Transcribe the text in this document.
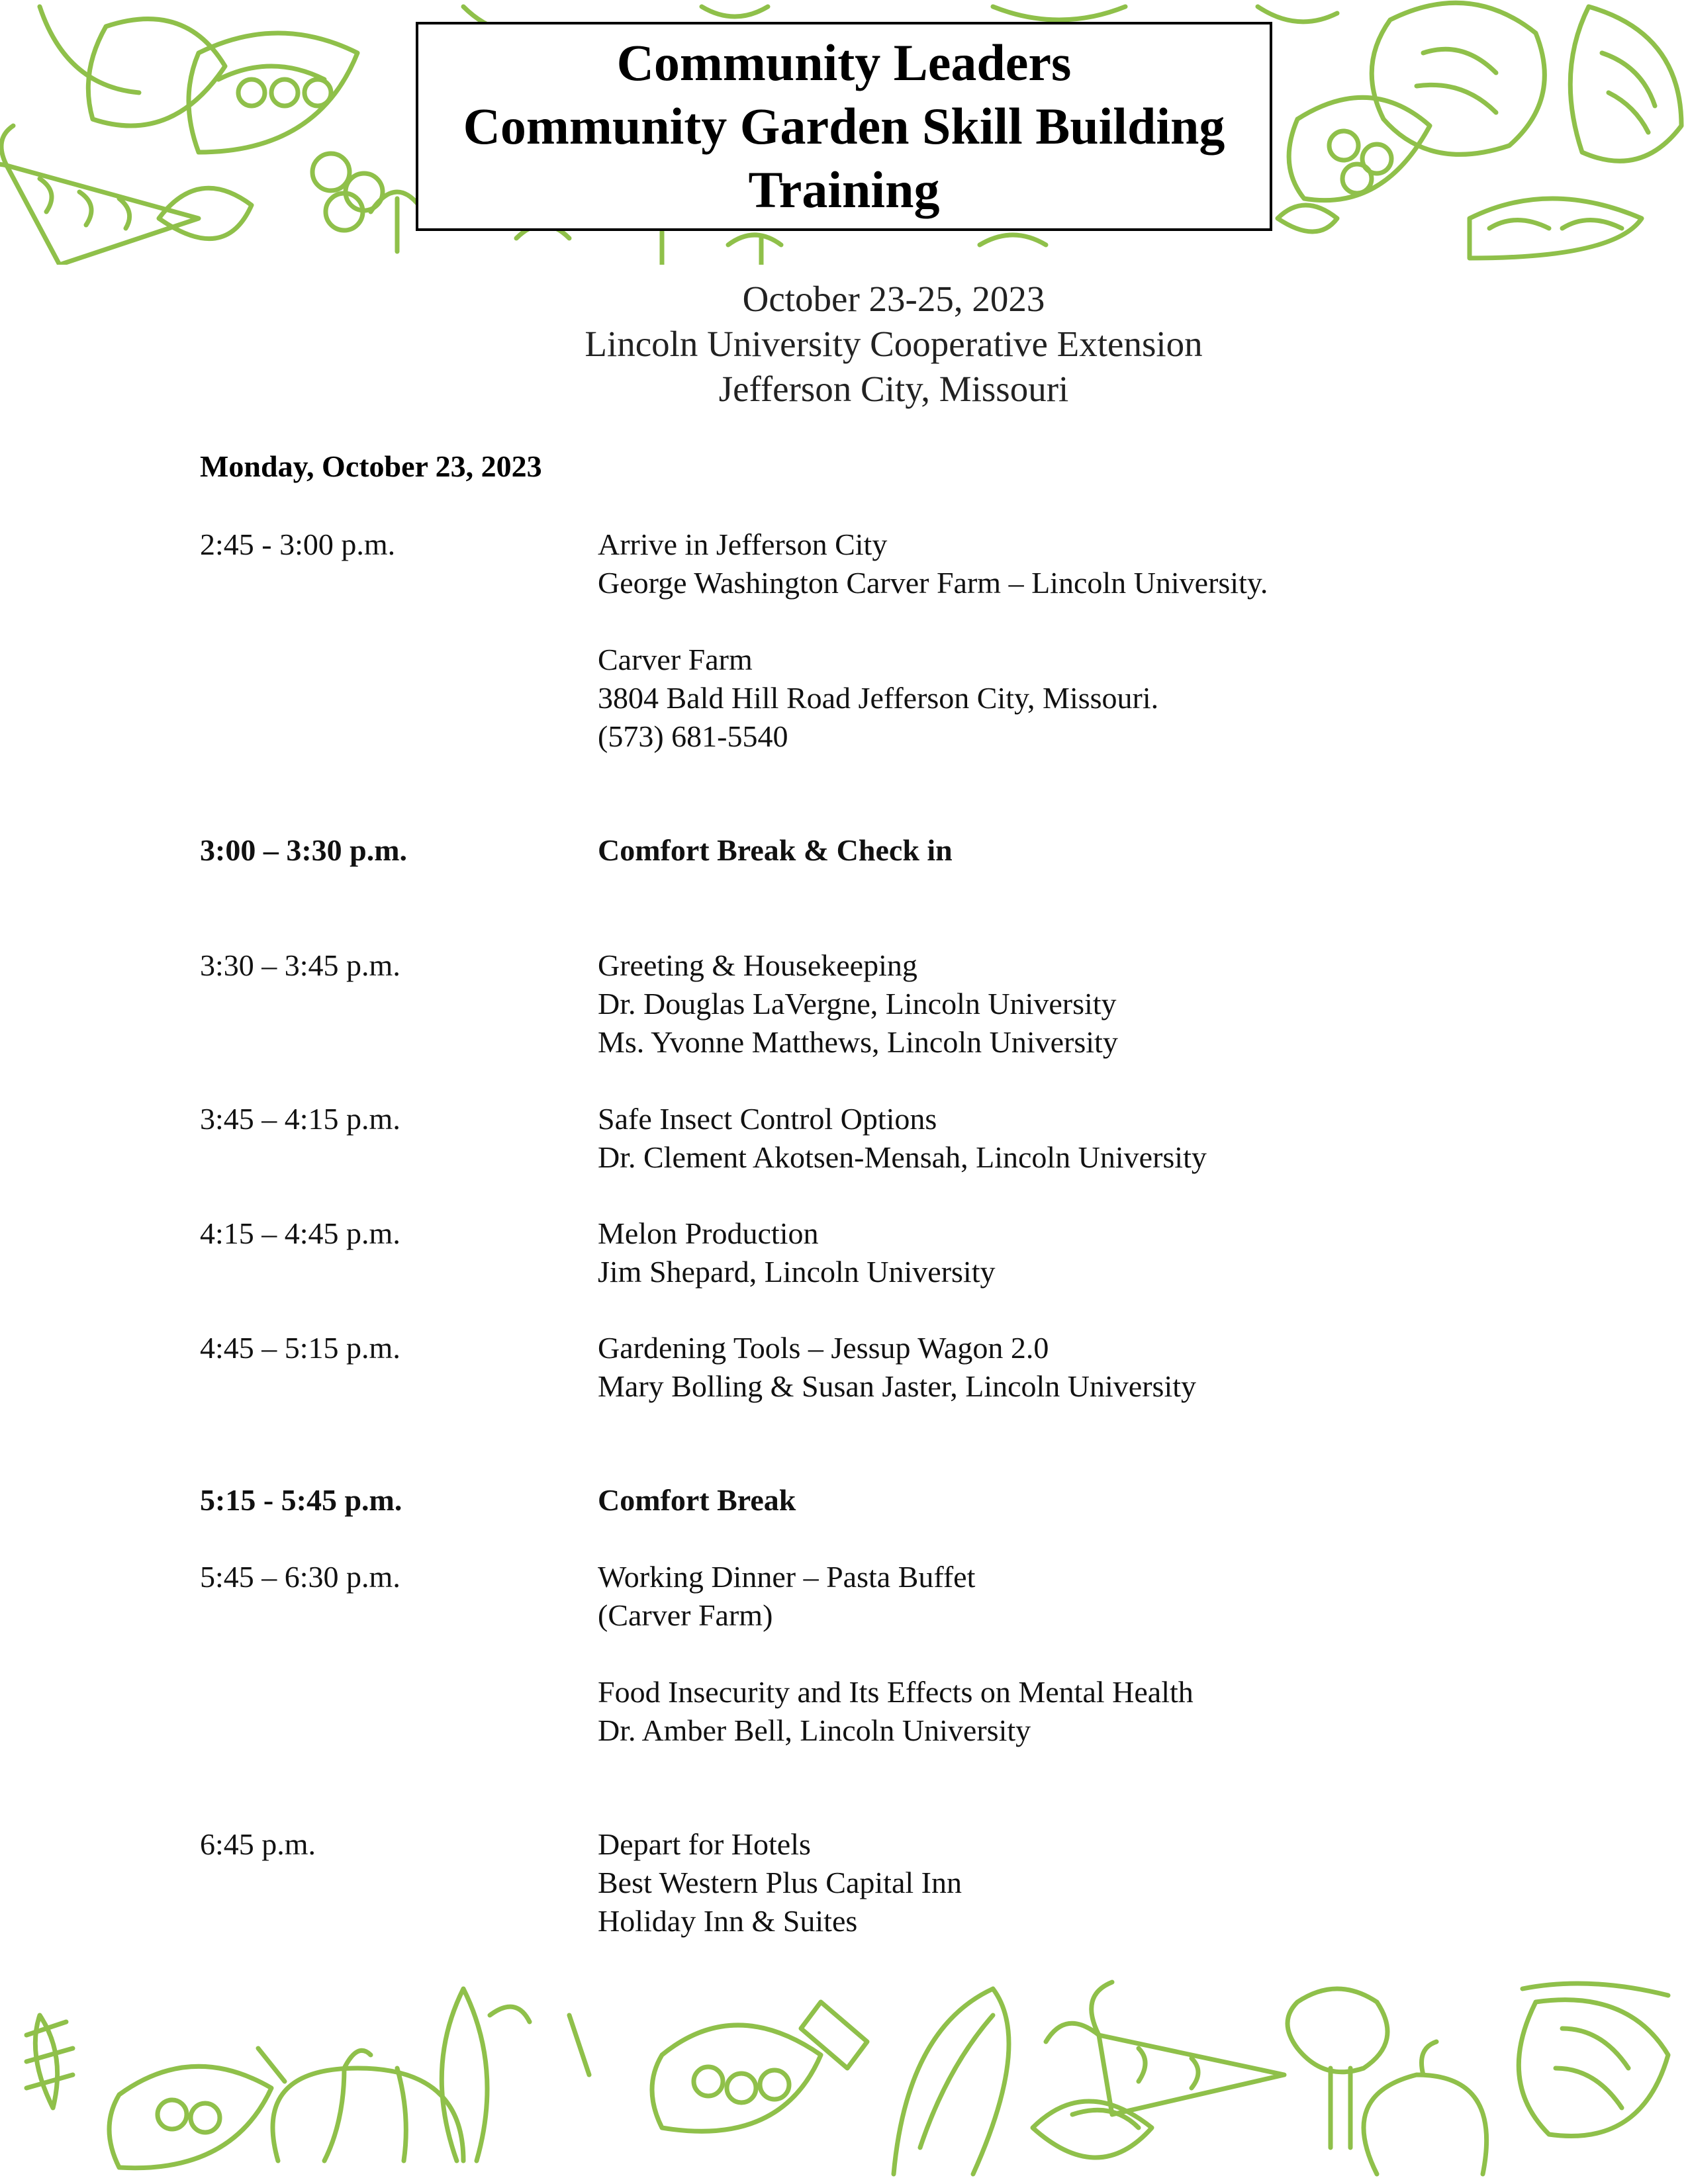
Community Leaders
Community Garden Skill Building
Training
October 23-25, 2023
Lincoln University Cooperative Extension
Jefferson City, Missouri
Monday, October 23, 2023
2:45 - 3:00 p.m.	Arrive in Jefferson City
George Washington Carver Farm – Lincoln University.
Carver Farm
3804 Bald Hill Road Jefferson City, Missouri.
(573) 681-5540
3:00 – 3:30 p.m.	Comfort Break & Check in
3:30 – 3:45 p.m.	Greeting & Housekeeping
Dr. Douglas LaVergne, Lincoln University
Ms. Yvonne Matthews, Lincoln University
3:45 – 4:15 p.m.	Safe Insect Control Options
Dr. Clement Akotsen-Mensah, Lincoln University
4:15 – 4:45 p.m.	Melon Production
Jim Shepard, Lincoln University
4:45 – 5:15 p.m.	Gardening Tools – Jessup Wagon 2.0
Mary Bolling & Susan Jaster, Lincoln University
5:15 - 5:45 p.m.	Comfort Break
5:45 – 6:30 p.m.	Working Dinner – Pasta Buffet
(Carver Farm)
Food Insecurity and Its Effects on Mental Health
Dr. Amber Bell, Lincoln University
6:45 p.m.	Depart for Hotels
Best Western Plus Capital Inn
Holiday Inn & Suites
